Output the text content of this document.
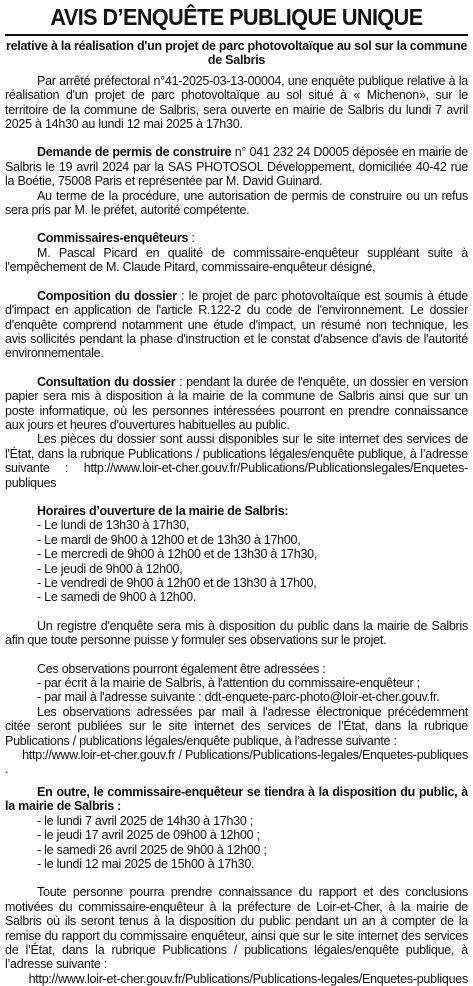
AVIS D’ENQUÊTE PUBLIQUE UNIQUE
relative à la réalisation d'un projet de parc photovoltaïque au sol sur la commune de Salbris

Par arrêté préfectoral n°41-2025-03-13-00004, une enquête publique relative à la réalisation d'un projet de parc photovoltaïque au sol situé à « Michenon», sur le territoire de la commune de Salbris, sera ouverte en mairie de Salbris du lundi 7 avril 2025 à 14h30 au lundi 12 mai 2025 à 17h30.

Demande de permis de construire n° 041 232 24 D0005 déposée en mairie de Salbris le 19 avril 2024 par la SAS PHOTOSOL Développement, domiciliée 40-42 rue la Boétie, 75008 Paris et représentée par M. David Guinard.

Au terme de la procédure, une autorisation de permis de construire ou un refus sera pris par M. le préfet, autorité compétente.

Commissaires-enquêteurs :

M. Pascal Picard en qualité de commissaire-enquêteur suppléant suite à l'empêchement de M. Claude Pitard, commissaire-enquêteur désigné,

Composition du dossier : le projet de parc photovoltaïque est soumis à étude d'impact en application de l'article R.122-2 du code de l'environnement. Le dossier d'enquête comprend notamment une étude d'impact, un résumé non technique, les avis sollicités pendant la phase d'instruction et le constat d'absence d'avis de l'autorité environnementale.

Consultation du dossier : pendant la durée de l'enquête, un dossier en version papier sera mis à disposition à la mairie de la commune de Salbris ainsi que sur un poste informatique, où les personnes intéressées pourront en prendre connaissance aux jours et heures d'ouvertures habituelles au public.

Les pièces du dossier sont aussi disponibles sur le site internet des services de l'État, dans la rubrique Publications / publications légales/enquête publique, à l’adresse suivante : http://www.loir-et-cher.gouv.fr/Publications/Publicationslegales/Enquetes-publiques

Horaires d’ouverture de la mairie de Salbris:

- Le lundi de 13h30 à 17h30,
- Le mardi de 9h00 à 12h00 et de 13h30 à 17h00,
- Le mercredi de 9h00 à 12h00 et de 13h30 à 17h30,
- Le jeudi de 9h00 à 12h00,
- Le vendredi de 9h00 à 12h00 et de 13h30 à 17h00,
- Le samedi de 9h00 à 12h00.

Un registre d'enquête sera mis à disposition du public dans la mairie de Salbris afin que toute personne puisse y formuler ses observations sur le projet.

Ces observations pourront également être adressées :

- par écrit à la mairie de Salbris, à l'attention du commissaire-enquêteur ;
- par mail à l'adresse suivante : ddt-enquete-parc-photo@loir-et-cher.gouv.fr.

Les observations adressées par mail à l'adresse électronique précédemment citée seront publiées sur le site internet des services de l’État, dans la rubrique Publications / publications légales/enquête publique, à l’adresse suivante :

http://www.loir-et-cher.gouv.fr / Publications/Publications-legales/Enquetes-publiques

.

En outre, le commissaire-enquêteur se tiendra à la disposition du public, à la mairie de Salbris :

- le lundi 7 avril 2025 de 14h30 à 17h30 ;
- le jeudi 17 avril 2025 de 09h00 à 12h00 ;
- le samedi 26 avril 2025 de 9h00 à 12h00 ;
- le lundi 12 mai 2025 de 15h00 à 17h30.

Toute personne pourra prendre connaissance du rapport et des conclusions motivées du commissaire-enquêteur à la préfecture de Loir-et-Cher, à la mairie de Salbris où ils seront tenus à la disposition du public pendant un an à compter de la remise du rapport du commissaire enquêteur, ainsi que sur le site internet des services de l’État, dans la rubrique Publications / publications légales/enquête publique, à l’adresse suivante :

http://www.loir-et-cher.gouv.fr/Publications/Publications-legales/Enquetes-publiques
